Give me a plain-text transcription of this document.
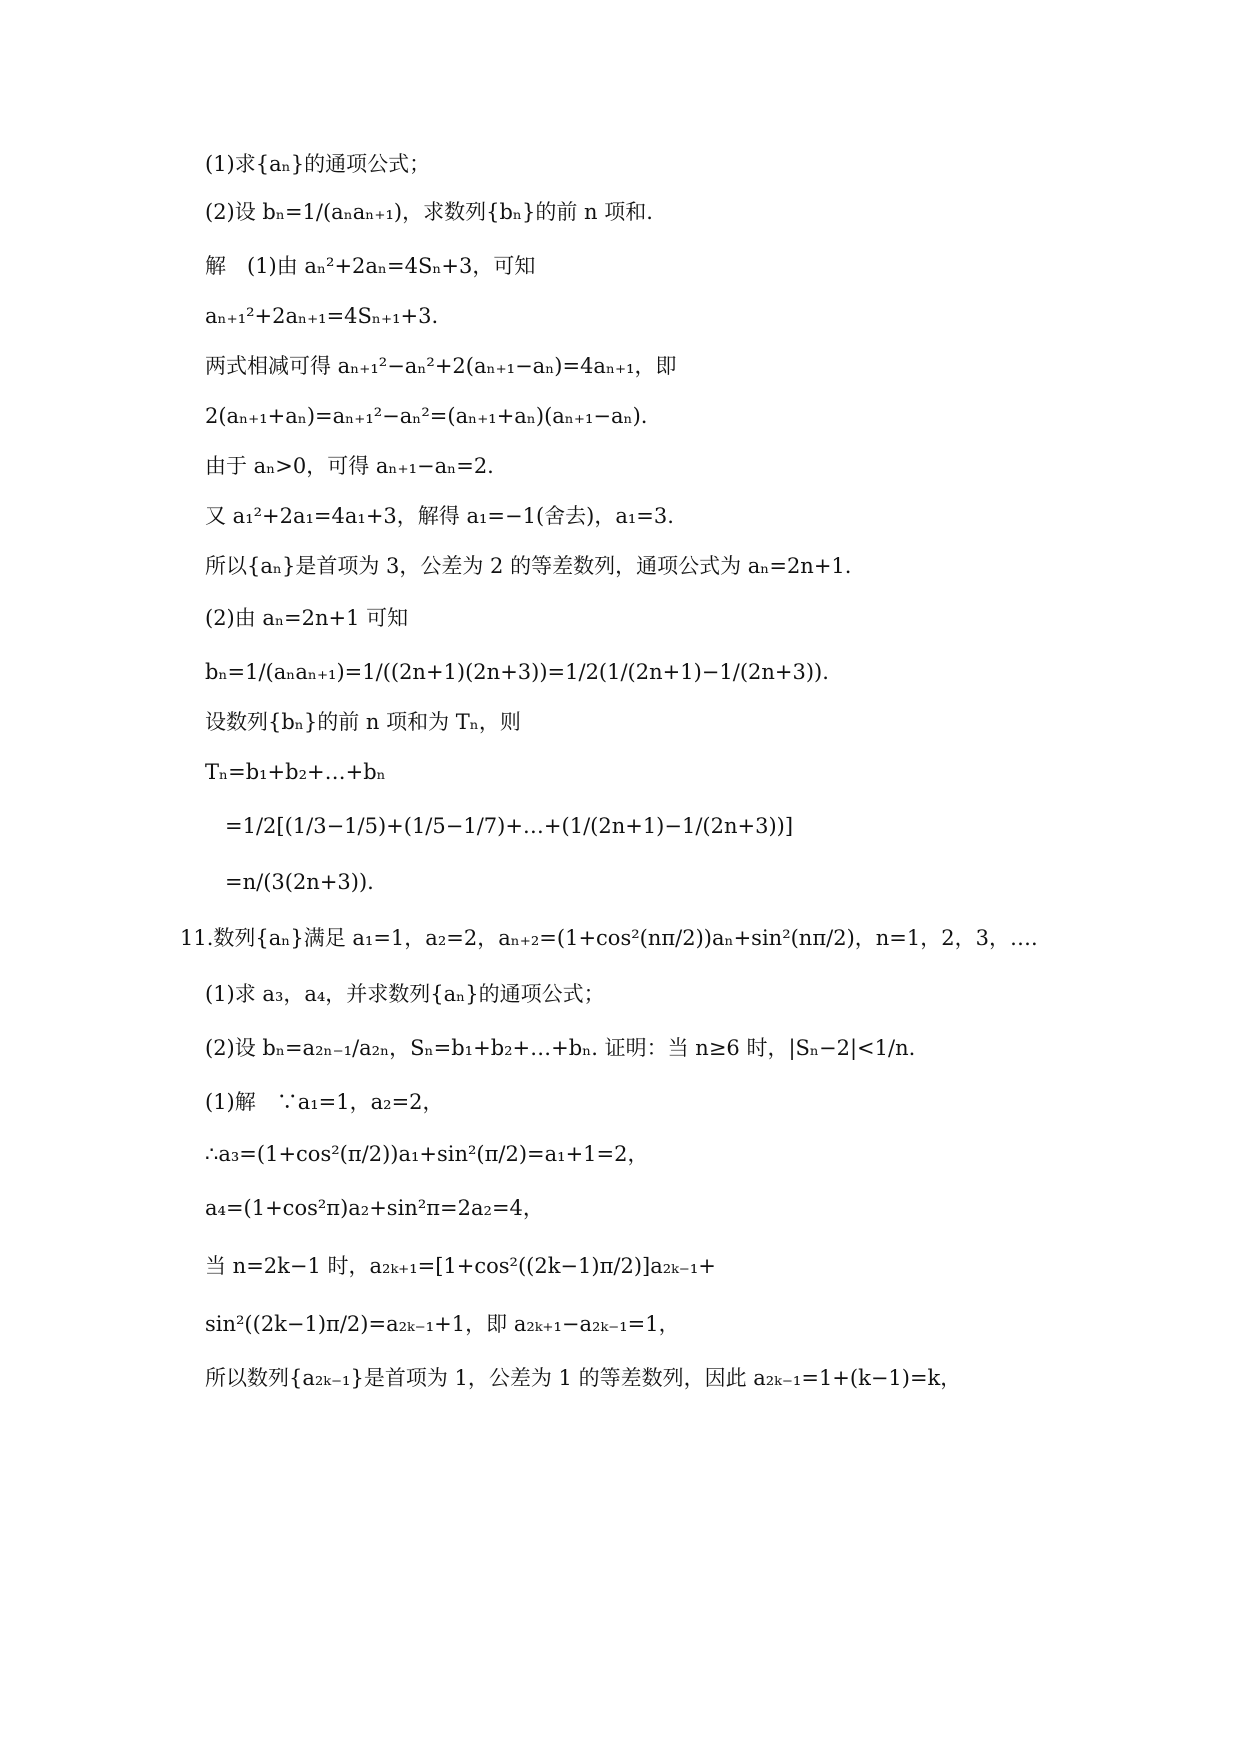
(1)求{aₙ}的通项公式；
(2)设 bₙ=1/(aₙaₙ₊₁)，求数列{bₙ}的前 n 项和.
解　(1)由 aₙ²+2aₙ=4Sₙ+3，可知
aₙ₊₁²+2aₙ₊₁=4Sₙ₊₁+3.
两式相减可得 aₙ₊₁²−aₙ²+2(aₙ₊₁−aₙ)=4aₙ₊₁，即
2(aₙ₊₁+aₙ)=aₙ₊₁²−aₙ²=(aₙ₊₁+aₙ)(aₙ₊₁−aₙ).
由于 aₙ>0，可得 aₙ₊₁−aₙ=2.
又 a₁²+2a₁=4a₁+3，解得 a₁=−1(舍去)，a₁=3.
所以{aₙ}是首项为 3，公差为 2 的等差数列，通项公式为 aₙ=2n+1.
(2)由 aₙ=2n+1 可知
bₙ=1/(aₙaₙ₊₁)=1/((2n+1)(2n+3))=1/2(1/(2n+1)−1/(2n+3)).
设数列{bₙ}的前 n 项和为 Tₙ，则
Tₙ=b₁+b₂+…+bₙ
=1/2[(1/3−1/5)+(1/5−1/7)+…+(1/(2n+1)−1/(2n+3))]
=n/(3(2n+3)).
11.数列{aₙ}满足 a₁=1，a₂=2，aₙ₊₂=(1+cos²(nπ/2))aₙ+sin²(nπ/2)，n=1，2，3，….
(1)求 a₃，a₄，并求数列{aₙ}的通项公式；
(2)设 bₙ=a₂ₙ₋₁/a₂ₙ，Sₙ=b₁+b₂+…+bₙ. 证明：当 n≥6 时，|Sₙ−2|<1/n.
(1)解　∵a₁=1，a₂=2，
∴a₃=(1+cos²(π/2))a₁+sin²(π/2)=a₁+1=2，
a₄=(1+cos²π)a₂+sin²π=2a₂=4，
当 n=2k−1 时，a₂ₖ₊₁=[1+cos²((2k−1)π/2)]a₂ₖ₋₁+
sin²((2k−1)π/2)=a₂ₖ₋₁+1，即 a₂ₖ₊₁−a₂ₖ₋₁=1，
所以数列{a₂ₖ₋₁}是首项为 1，公差为 1 的等差数列，因此 a₂ₖ₋₁=1+(k−1)=k，
